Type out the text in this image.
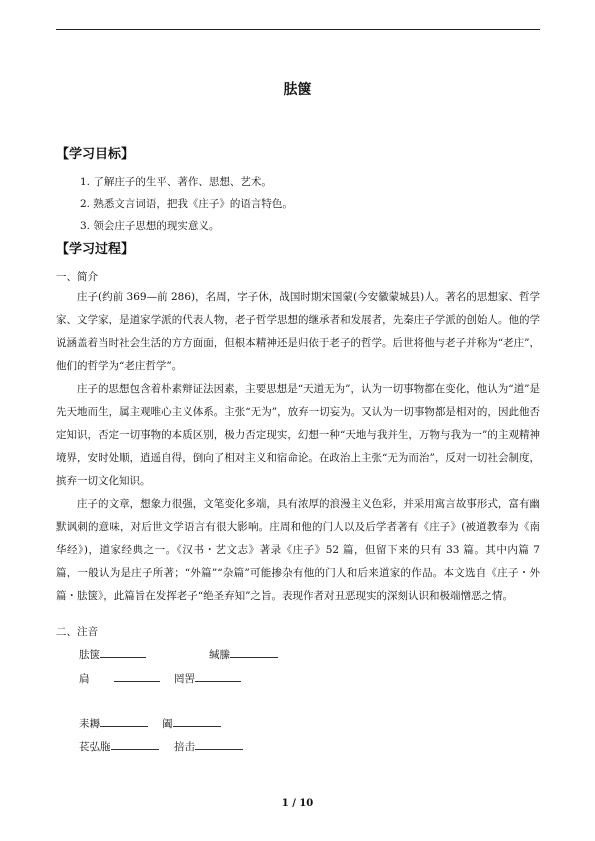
胠箧
【学习目标】
1. 了解庄子的生平、著作、思想、艺术。
2. 熟悉文言词语，把我《庄子》的语言特色。
3. 领会庄子思想的现实意义。
【学习过程】
一、简介

庄子(约前 369—前 286)，名周，字子休，战国时期宋国蒙(今安徽蒙城县)人。著名的思想家、哲学家、文学家，是道家学派的代表人物，老子哲学思想的继承者和发展者，先秦庄子学派的创始人。他的学说涵盖着当时社会生活的方方面面，但根本精神还是归依于老子的哲学。后世将他与老子并称为“老庄”，他们的哲学为“老庄哲学”。

庄子的思想包含着朴素辩证法因素，主要思想是“天道无为”，认为一切事物都在变化，他认为“道”是先天地而生，属主观唯心主义体系。主张“无为”，放弃一切妄为。又认为一切事物都是相对的，因此他否定知识，否定一切事物的本质区别，极力否定现实，幻想一种“天地与我并生，万物与我为一”的主观精神境界，安时处顺，逍遥自得，倒向了相对主义和宿命论。在政治上主张“无为而治”，反对一切社会制度，摈弃一切文化知识。

庄子的文章，想象力很强，文笔变化多端，具有浓厚的浪漫主义色彩，并采用寓言故事形式，富有幽默讽刺的意味，对后世文学语言有很大影响。庄周和他的门人以及后学者著有《庄子》(被道教奉为《南华经》)，道家经典之一。《汉书・艺文志》著录《庄子》52 篇，但留下来的只有 33 篇。其中内篇 7 篇，一般认为是庄子所著；“外篇”“杂篇”可能掺杂有他的门人和后来道家的作品。本文选自《庄子・外篇・胠箧》，此篇旨在发挥老子“绝圣弃知”之旨。表现作者对丑恶现实的深刻认识和极端憎恶之情。

二、注音
胠箧	缄縢
扃	罔罟
耒耨	阖
苌弘胣	掊击
1 / 10
